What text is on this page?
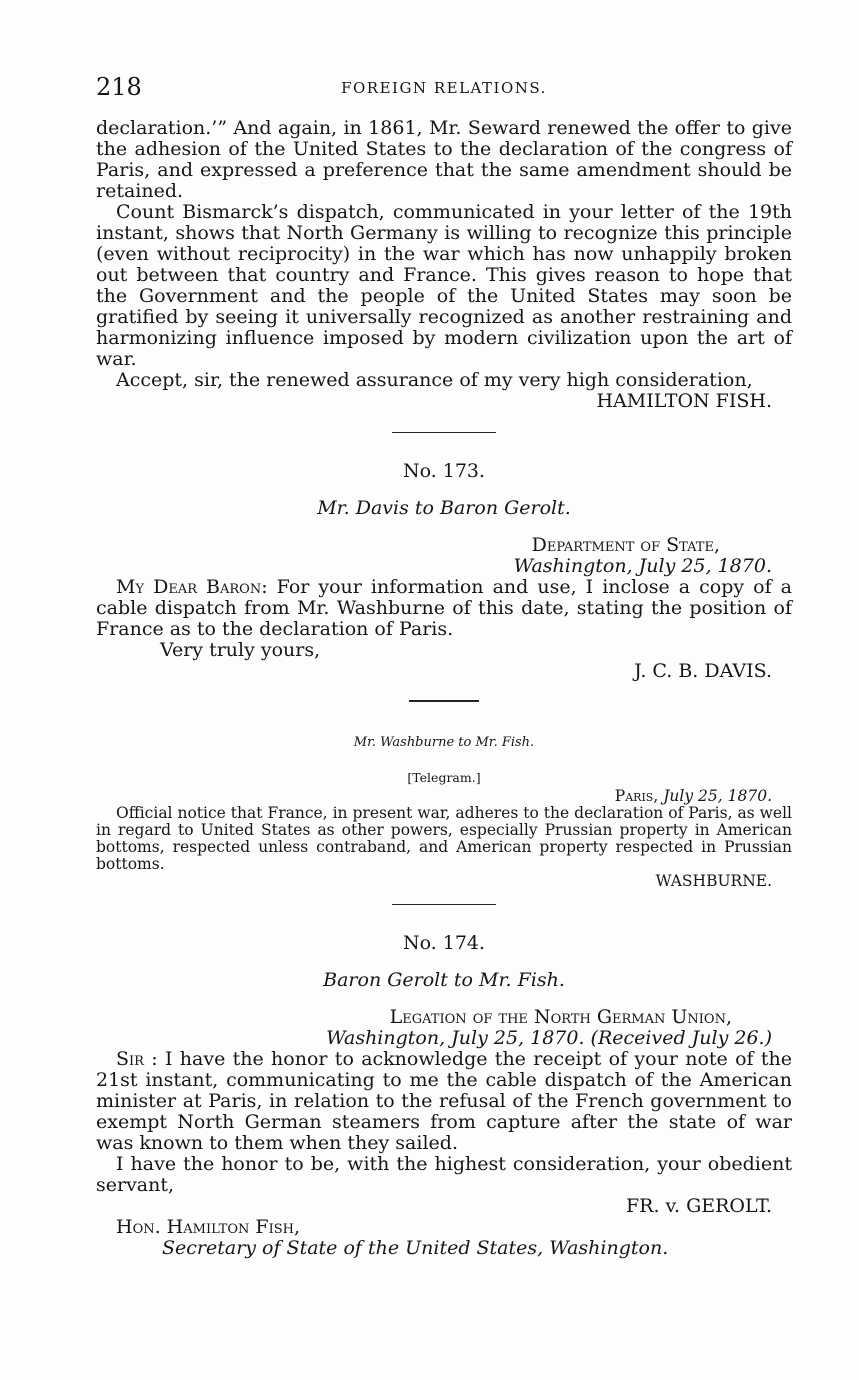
218	FOREIGN RELATIONS.

declaration.’” And again, in 1861, Mr. Seward renewed the offer to give the adhesion of the United States to the declaration of the congress of Paris, and expressed a preference that the same amendment should be retained.

Count Bismarck’s dispatch, communicated in your letter of the 19th instant, shows that North Germany is willing to recognize this principle (even without reciprocity) in the war which has now unhappily broken out between that country and France. This gives reason to hope that the Government and the people of the United States may soon be gratified by seeing it universally recognized as another restraining and harmonizing influence imposed by modern civilization upon the art of war.

Accept, sir, the renewed assurance of my very high consideration,

HAMILTON FISH.

No. 173.
Mr. Davis to Baron Gerolt.
Department of State,
Washington, July 25, 1870.

My Dear Baron: For your information and use, I inclose a copy of a cable dispatch from Mr. Washburne of this date, stating the position of France as to the declaration of Paris.

Very truly yours,

J. C. B. DAVIS.

Mr. Washburne to Mr. Fish.
[Telegram.]
Paris, July 25, 1870.

Official notice that France, in present war, adheres to the declaration of Paris, as well in regard to United States as other powers, especially Prussian property in American bottoms, respected unless contraband, and American property respected in Prussian bottoms.

WASHBURNE.

No. 174.
Baron Gerolt to Mr. Fish.
Legation of the North German Union,
Washington, July 25, 1870. (Received July 26.)

Sir : I have the honor to acknowledge the receipt of your note of the 21st instant, communicating to me the cable dispatch of the American minister at Paris, in relation to the refusal of the French government to exempt North German steamers from capture after the state of war was known to them when they sailed.

I have the honor to be, with the highest consideration, your obedient servant,

FR. v. GEROLT.

Hon. Hamilton Fish,

Secretary of State of the United States, Washington.
